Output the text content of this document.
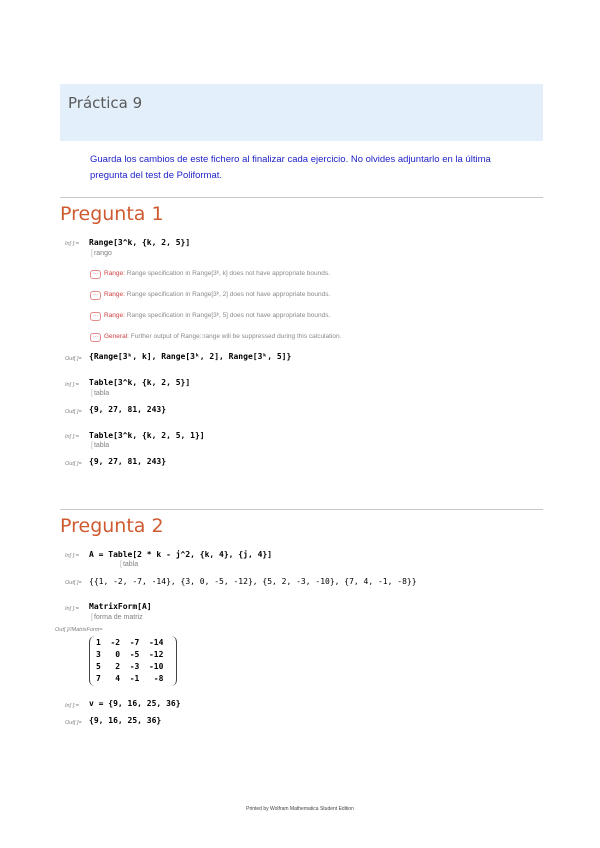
Práctica 9
Guarda los cambios de este fichero al finalizar cada ejercicio. No olvides adjuntarlo en la última pregunta del test de Poliformat.
Pregunta 1
In[ ]:= Range[3^k, {k, 2, 5}]
[ rango
··· Range: Range specification in Range[3ᵏ, k] does not have appropriate bounds.
··· Range: Range specification in Range[3ᵏ, 2] does not have appropriate bounds.
··· Range: Range specification in Range[3ᵏ, 5] does not have appropriate bounds.
··· General: Further output of Range::range will be suppressed during this calculation.
Out[ ]= {Range[3ᵏ, k], Range[3ᵏ, 2], Range[3ᵏ, 5]}
In[ ]:= Table[3^k, {k, 2, 5}]
[ tabla
Out[ ]= {9, 27, 81, 243}
In[ ]:= Table[3^k, {k, 2, 5, 1}]
[ tabla
Out[ ]= {9, 27, 81, 243}
Pregunta 2
In[ ]:= A = Table[2 * k - j^2, {k, 4}, {j, 4}]
[ tabla
Out[ ]= {{1, -2, -7, -14}, {3, 0, -5, -12}, {5, 2, -3, -10}, {7, 4, -1, -8}}
In[ ]:= MatrixForm[A]
[ forma de matriz
Out[ ]//MatrixForm=
1  -2  -7  -14
3   0  -5  -12
5   2  -3  -10
7   4  -1   -8
In[ ]:= v = {9, 16, 25, 36}
Out[ ]= {9, 16, 25, 36}
Printed by Wolfram Mathematica Student Edition
